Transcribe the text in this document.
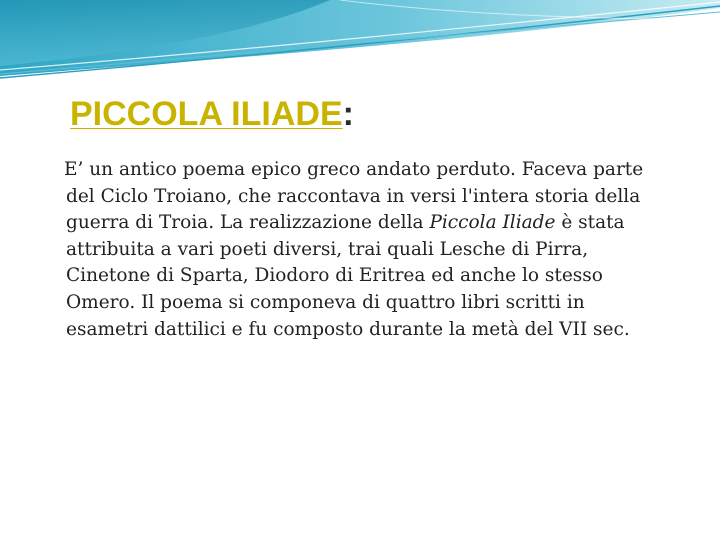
PICCOLA ILIADE:

E’ un antico poema epico greco andato perduto. Faceva parte del Ciclo Troiano, che raccontava in versi l'intera storia della guerra di Troia. La realizzazione della Piccola Iliade è stata attribuita a vari poeti diversi, trai quali Lesche di Pirra, Cinetone di Sparta, Diodoro di Eritrea ed anche lo stesso Omero. Il poema si componeva di quattro libri scritti in esametri dattilici e fu composto durante la metà del VII sec.
